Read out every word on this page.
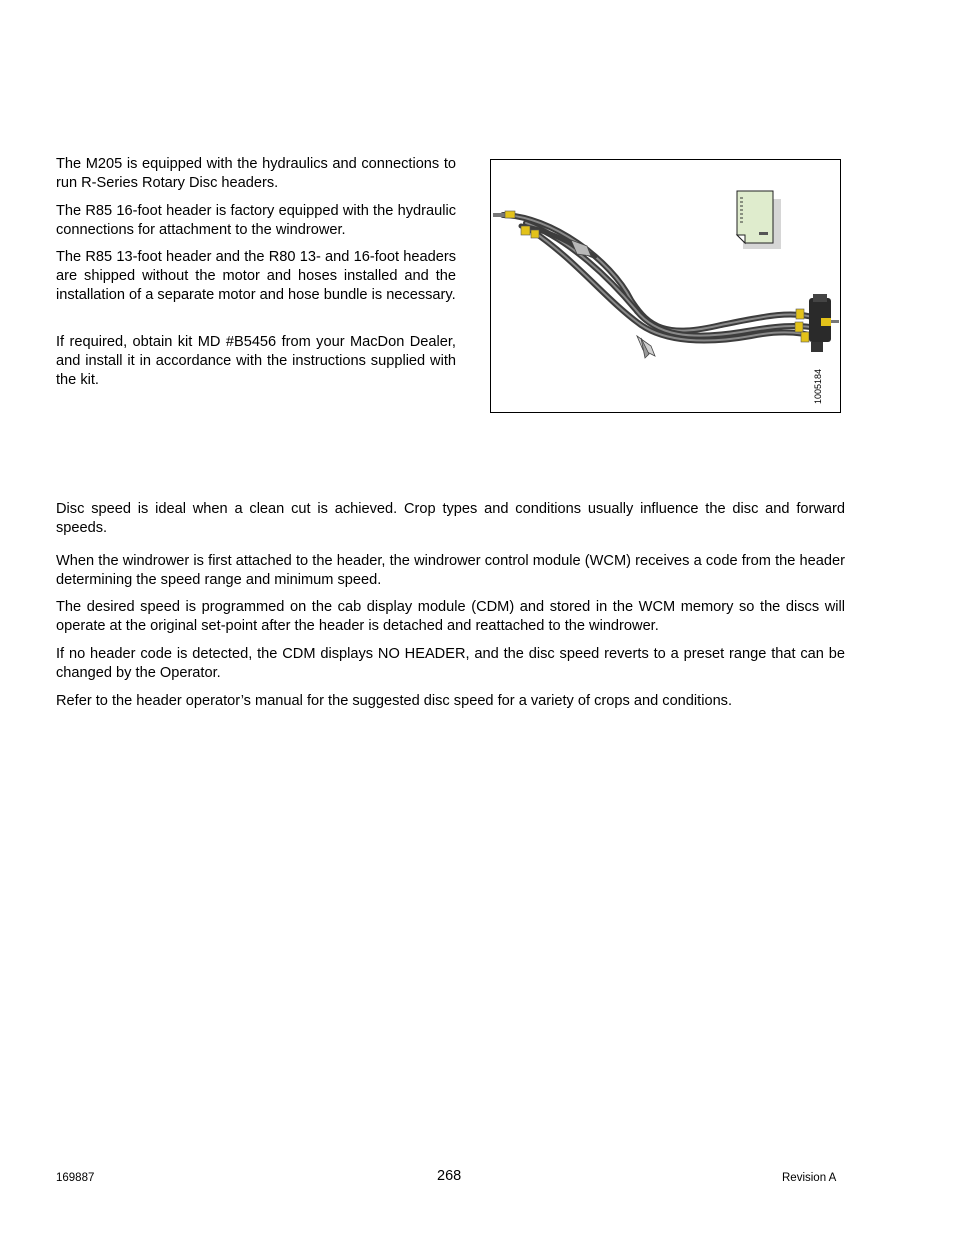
The M205 is equipped with the hydraulics and connections to run R-Series Rotary Disc headers.

The R85 16-foot header is factory equipped with the hydraulic connections for attachment to the windrower.

The R85 13-foot header and the R80 13- and 16-foot headers are shipped without the motor and hoses installed and the installation of a separate motor and hose bundle is necessary.

If required, obtain kit MD #B5456 from your MacDon Dealer, and install it in accordance with the instructions supplied with the kit.	1005184

Disc speed is ideal when a clean cut is achieved. Crop types and conditions usually influence the disc and forward speeds.

When the windrower is first attached to the header, the windrower control module (WCM) receives a code from the header determining the speed range and minimum speed.

The desired speed is programmed on the cab display module (CDM) and stored in the WCM memory so the discs will operate at the original set-point after the header is detached and reattached to the windrower.

If no header code is detected, the CDM displays NO HEADER, and the disc speed reverts to a preset range that can be changed by the Operator.

Refer to the header operator’s manual for the suggested disc speed for a variety of crops and conditions.

169887	268	Revision A
